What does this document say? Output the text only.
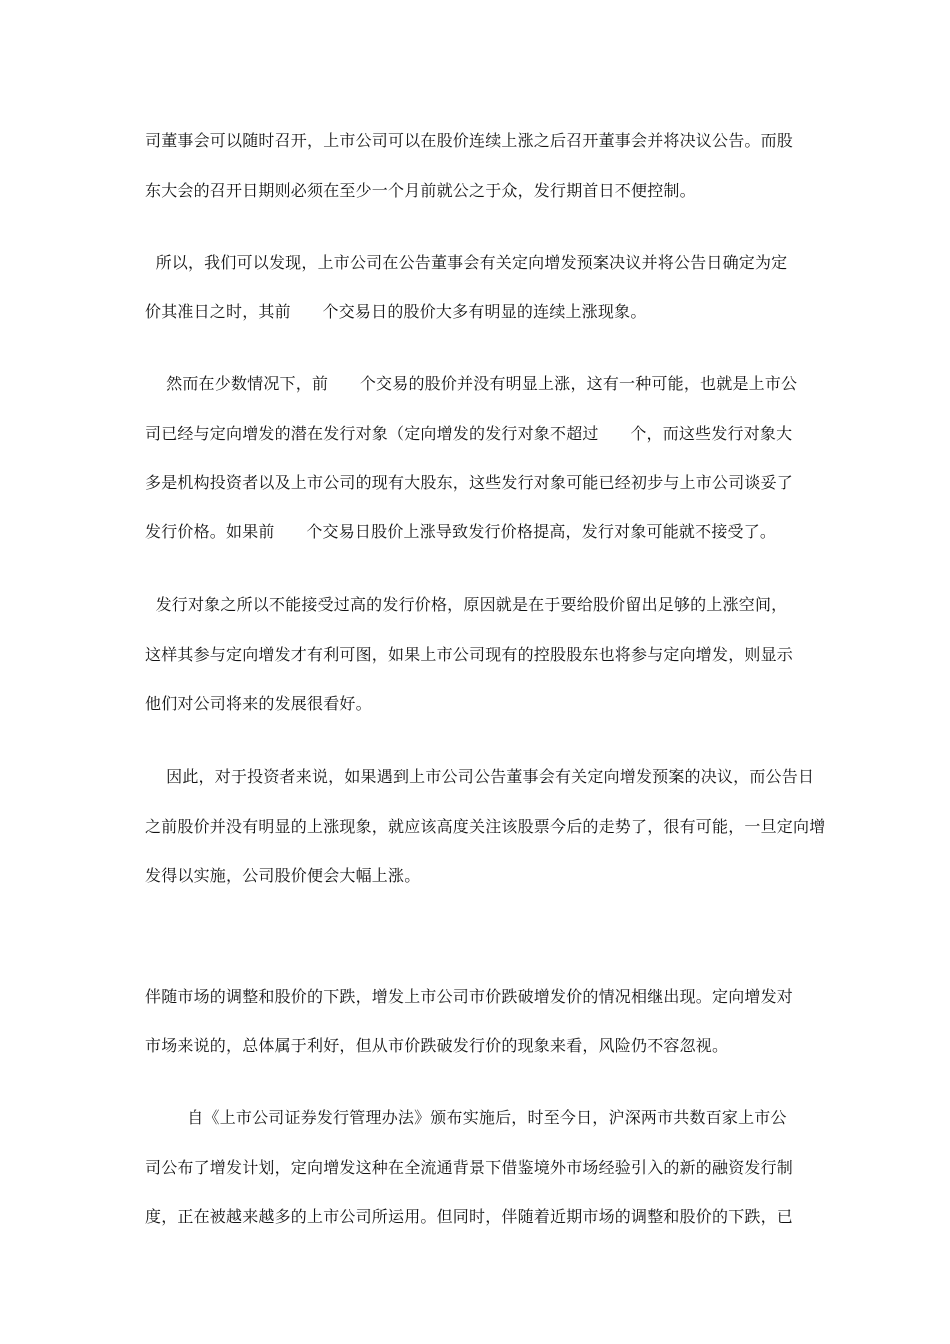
司董事会可以随时召开，上市公司可以在股价连续上涨之后召开董事会并将决议公告。而股
东大会的召开日期则必须在至少一个月前就公之于众，发行期首日不便控制。
所以，我们可以发现，上市公司在公告董事会有关定向增发预案决议并将公告日确定为定
价其准日之时，其前      个交易日的股价大多有明显的连续上涨现象。
然而在少数情况下，前      个交易的股价并没有明显上涨，这有一种可能，也就是上市公
司已经与定向增发的潜在发行对象（定向增发的发行对象不超过      个，而这些发行对象大
多是机构投资者以及上市公司的现有大股东，这些发行对象可能已经初步与上市公司谈妥了
发行价格。如果前      个交易日股价上涨导致发行价格提高，发行对象可能就不接受了。
发行对象之所以不能接受过高的发行价格，原因就是在于要给股价留出足够的上涨空间，
这样其参与定向增发才有利可图，如果上市公司现有的控股股东也将参与定向增发，则显示
他们对公司将来的发展很看好。
因此，对于投资者来说，如果遇到上市公司公告董事会有关定向增发预案的决议，而公告日
之前股价并没有明显的上涨现象，就应该高度关注该股票今后的走势了，很有可能，一旦定向增
发得以实施，公司股价便会大幅上涨。
伴随市场的调整和股价的下跌，增发上市公司市价跌破增发价的情况相继出现。定向增发对
市场来说的，总体属于利好，但从市价跌破发行价的现象来看，风险仍不容忽视。
自《上市公司证券发行管理办法》颁布实施后，时至今日，沪深两市共数百家上市公
司公布了增发计划，定向增发这种在全流通背景下借鉴境外市场经验引入的新的融资发行制
度，正在被越来越多的上市公司所运用。但同时，伴随着近期市场的调整和股价的下跌，已
